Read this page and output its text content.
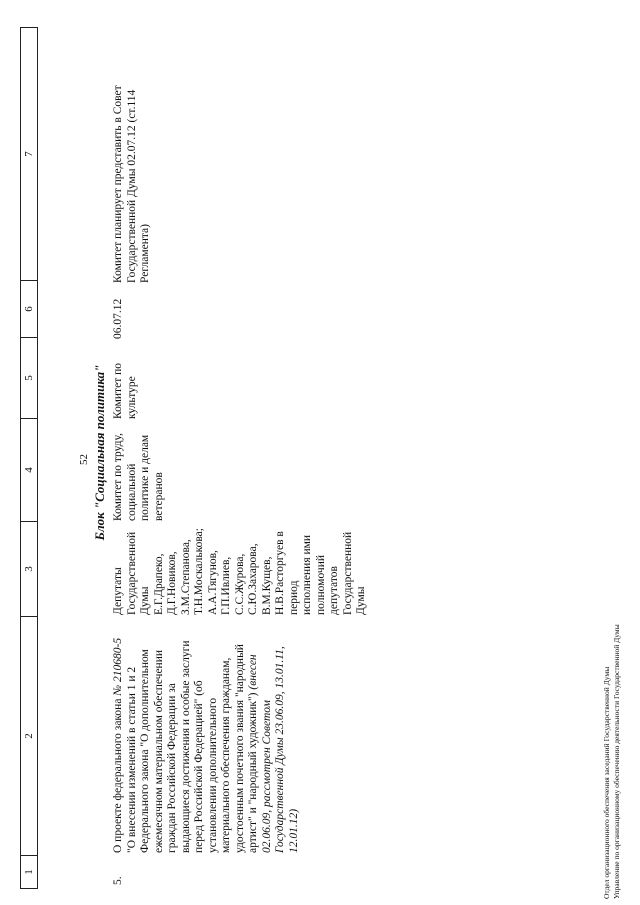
52
1
2
3
4
5
6
7
Блок "Социальная политика"
5.
О проекте федерального закона № 210680-5 "О внесении изменений в статьи 1 и 2 Федерального закона "О дополнительном ежемесячном материальном обеспечении граждан Российской Федерации за выдающиеся достижения и особые заслуги перед Российской Федерацией" (об установлении дополнительного материального обеспечения гражданам, удостоенным почетного звания "народный артист" и "народный художник") (внесен 02.06.09, рассмотрен Советом Государственной Думы 23.06.09, 13.01.11, 12.01.12)
Депутаты Государственной Думы Е.Г.Драпеко, Д.Г.Новиков, З.М.Степанова, Т.Н.Москалькова; А.А.Тягунов, Г.П.Ивлиев, С.С.Журова, С.Ю.Захарова, В.М.Кущев, Н.В.Расторгуев в период исполнения ими полномочий депутатов Государственной Думы
Комитет по труду, социальной политике и делам ветеранов
Комитет по культуре
06.07.12
Комитет планирует представить в Совет Государственной Думы 02.07.12 (ст.114 Регламента)
Отдел организационного обеспечения заседаний Государственной Думы Управление по организационному обеспечению деятельности Государственной Думы
